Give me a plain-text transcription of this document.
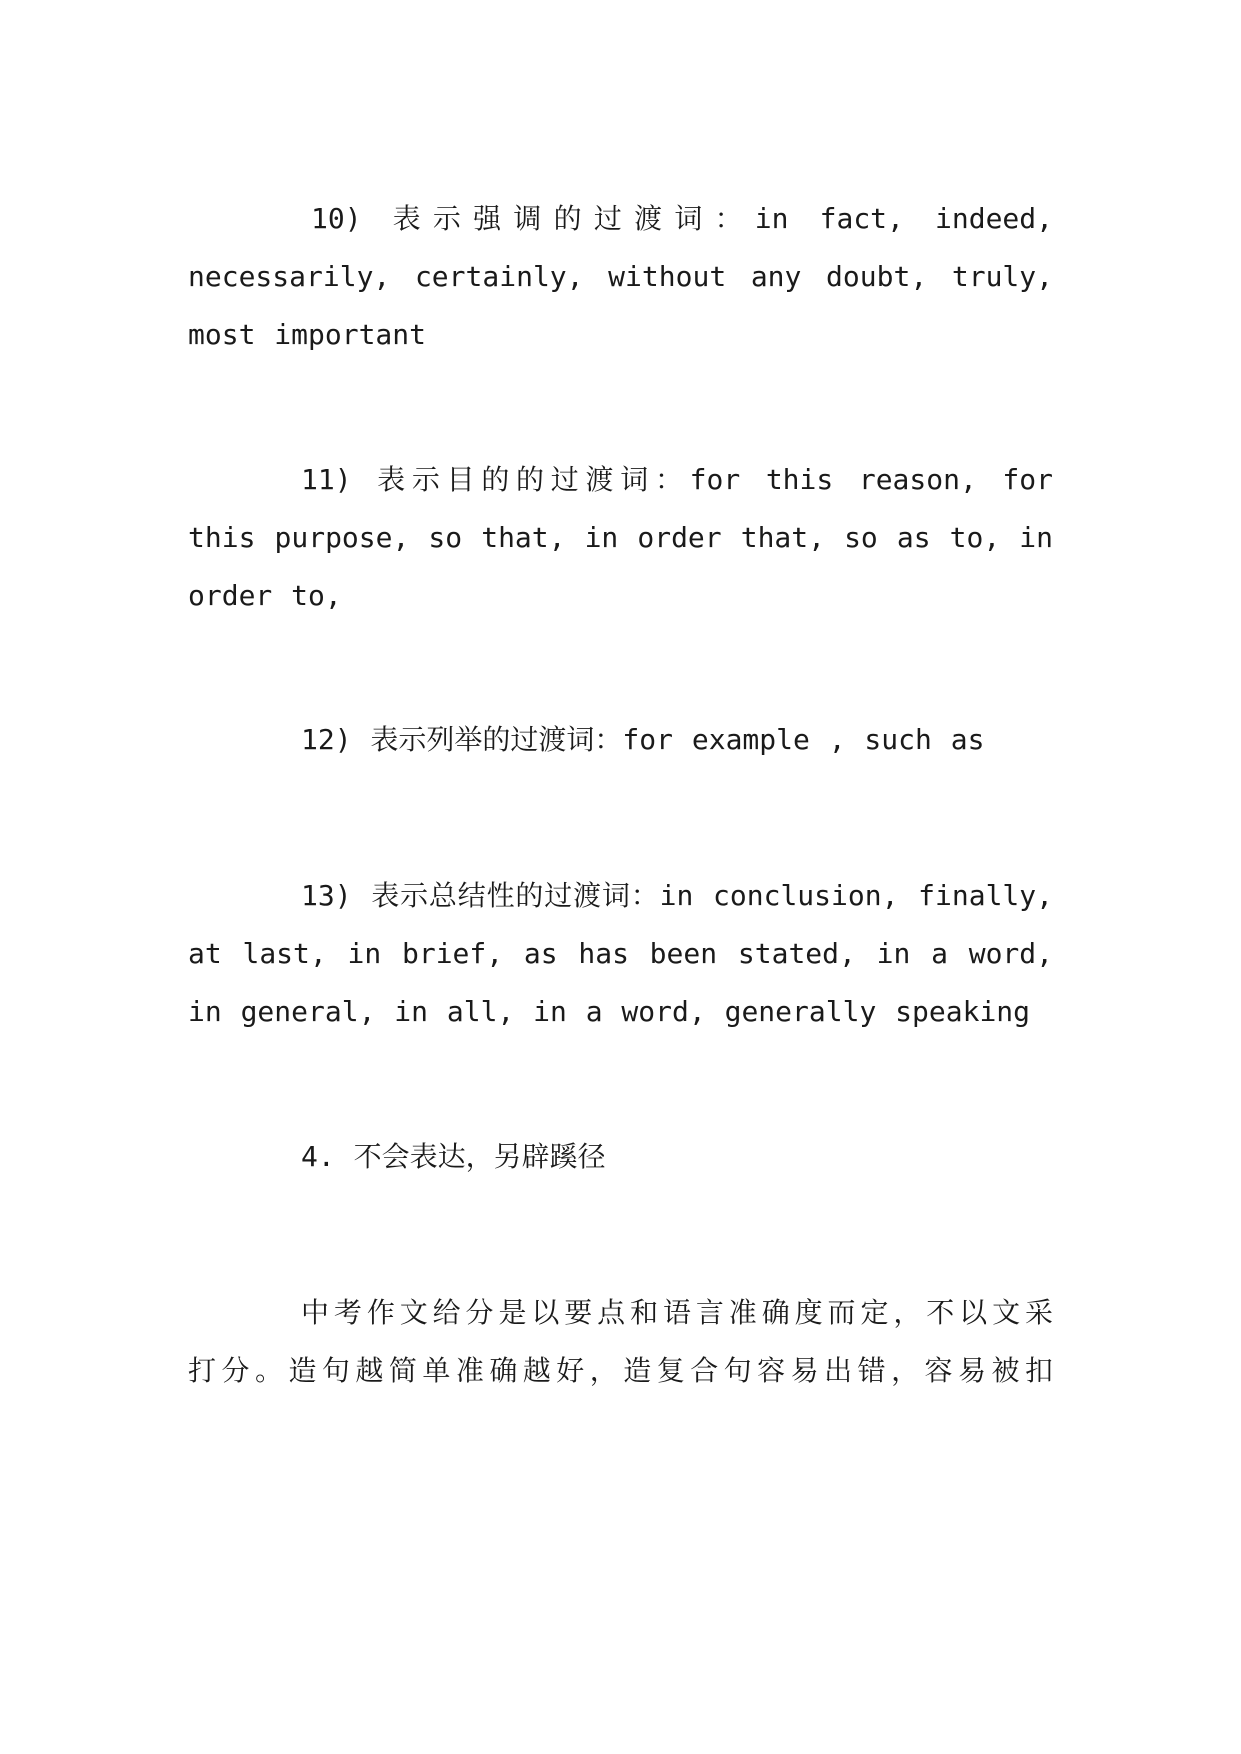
10) 表示强调的过渡词：in fact, indeed,
necessarily, certainly, without any doubt, truly,
most important
11) 表示目的的过渡词：for this reason, for
this purpose, so that, in order that, so as to, in
order to,
12) 表示列举的过渡词：for example , such as
13) 表示总结性的过渡词：in conclusion, finally,
at last, in brief, as has been stated, in a word,
in general, in all, in a word, generally speaking
4. 不会表达，另辟蹊径
中考作文给分是以要点和语言准确度而定，不以文采
打分。造句越简单准确越好，造复合句容易出错，容易被扣
